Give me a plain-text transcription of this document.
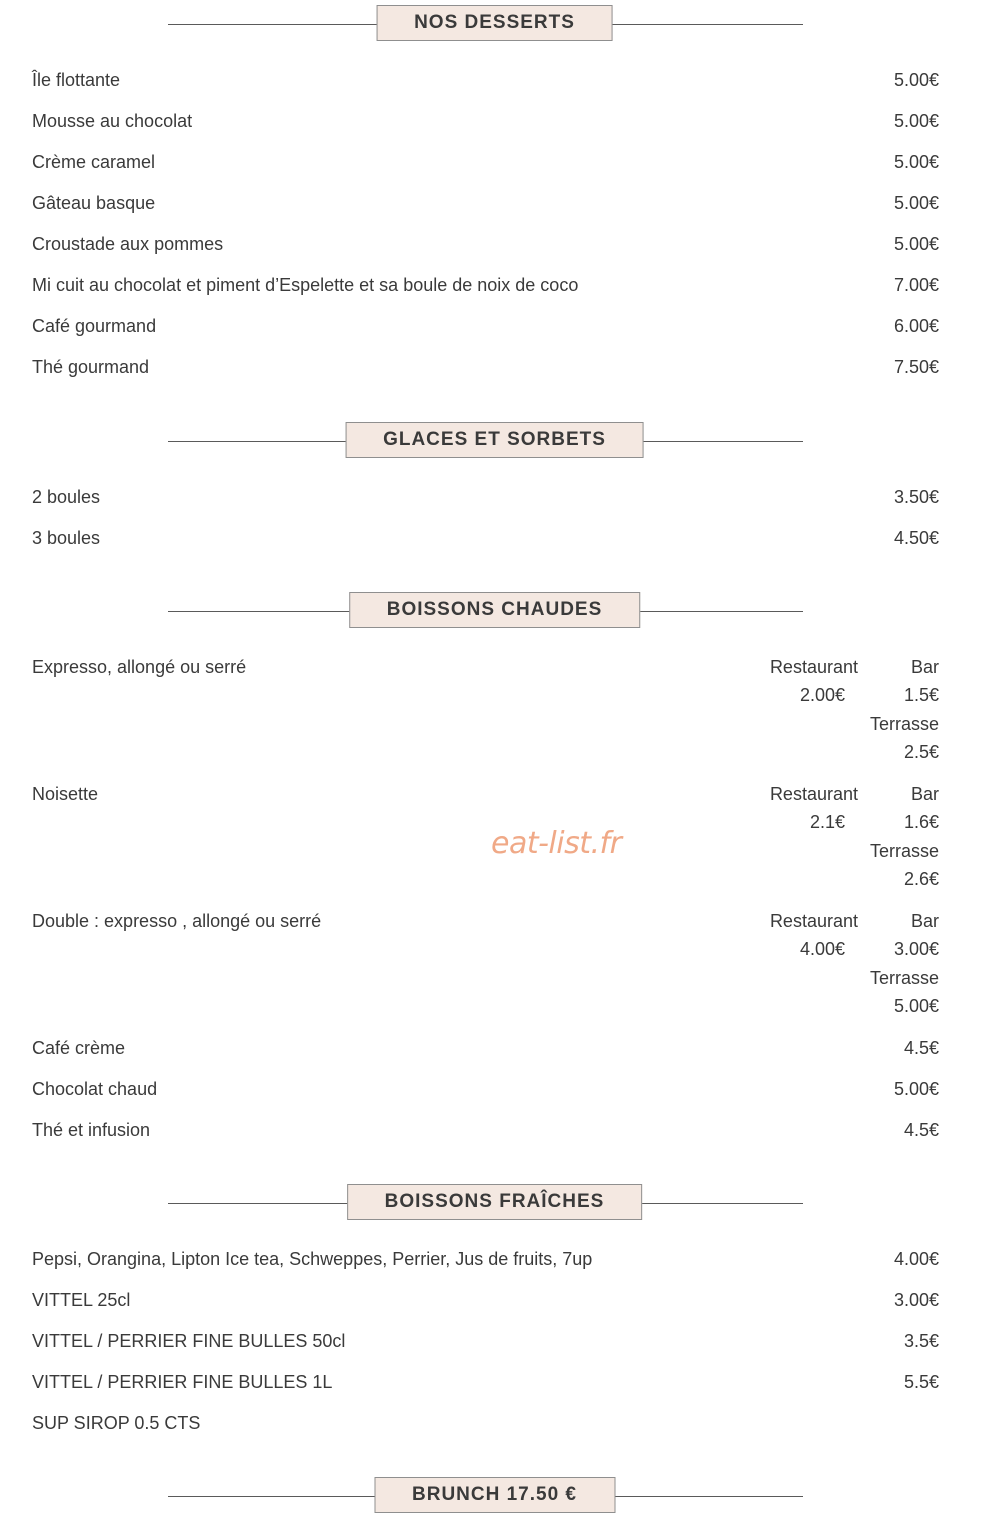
NOS DESSERTS
Île flottante	5.00€
Mousse au chocolat	5.00€
Crème caramel	5.00€
Gâteau basque	5.00€
Croustade aux pommes	5.00€
Mi cuit au chocolat et piment d’Espelette et sa boule de noix de coco	7.00€
Café gourmand	6.00€
Thé gourmand	7.50€
GLACES ET SORBETS
2 boules	3.50€
3 boules	4.50€
BOISSONS CHAUDES
Expresso, allongé ou serré	Restaurant	Bar
2.00€	1.5€
Terrasse
2.5€
Noisette	Restaurant	Bar
2.1€	1.6€
Terrasse
2.6€
Double : expresso , allongé ou serré	Restaurant	Bar
4.00€	3.00€
Terrasse
5.00€
Café crème	4.5€
Chocolat chaud	5.00€
Thé et infusion	4.5€
eat-list.fr
BOISSONS FRAÎCHES
Pepsi, Orangina, Lipton Ice tea, Schweppes, Perrier, Jus de fruits, 7up	4.00€
VITTEL 25cl	3.00€
VITTEL / PERRIER FINE BULLES 50cl	3.5€
VITTEL / PERRIER FINE BULLES 1L	5.5€
SUP SIROP 0.5 CTS
BRUNCH 17.50 €
